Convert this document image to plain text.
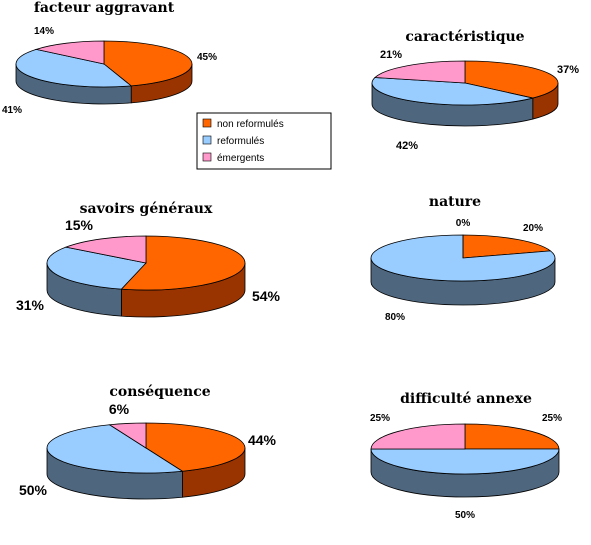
facteur aggravant
45%
41%
14%	caractéristique
37%
42%
21%
savoirs généraux
54%
31%
15%
nature
20%
80%
0%
conséquence
44%
50%
6%
difficulté annexe
25%
50%
25%
non reformulés
reformulés
émergents
